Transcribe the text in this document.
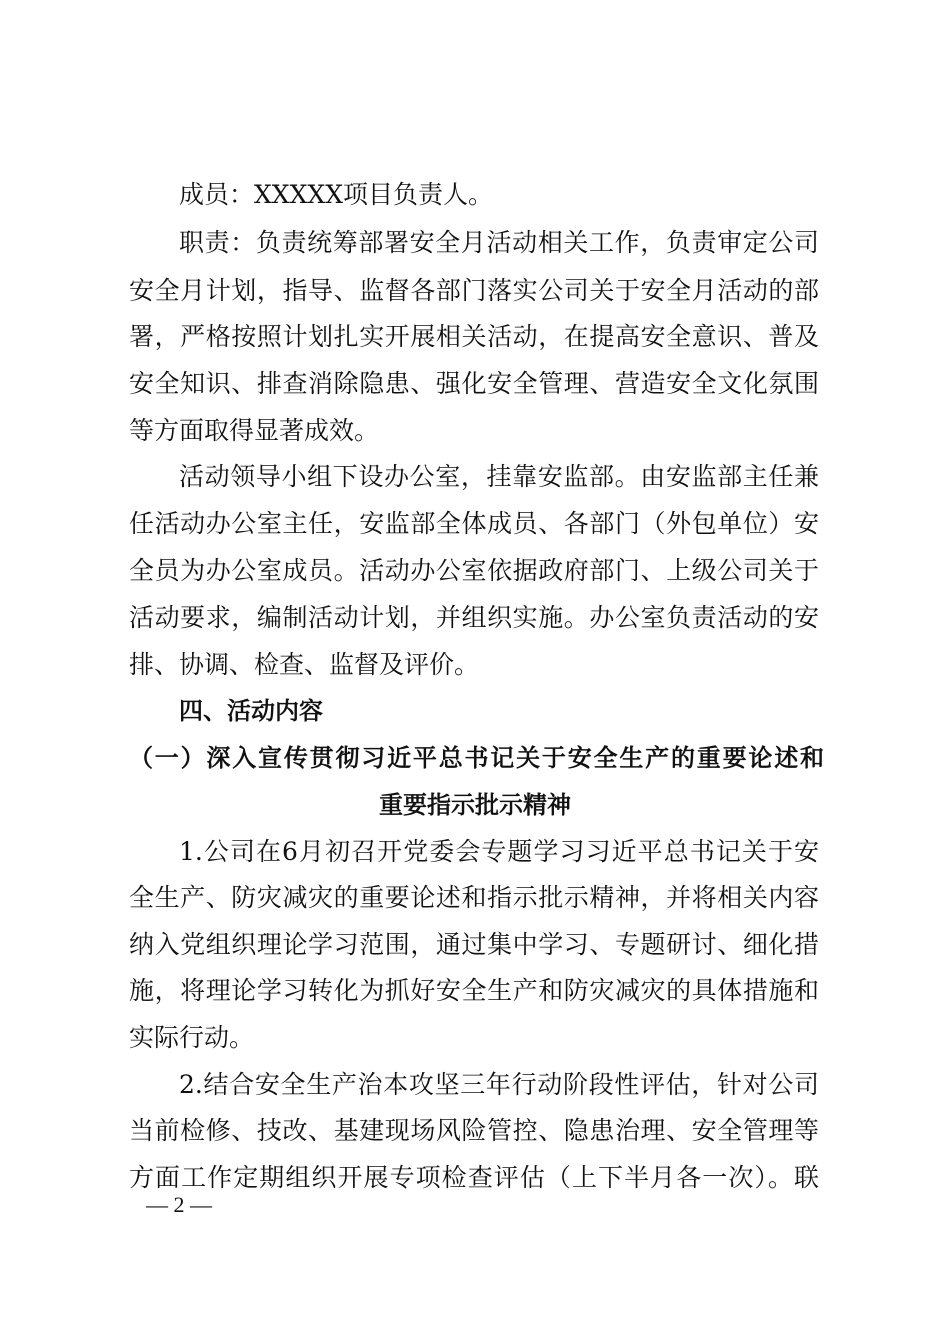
成员：XXXXX项目负责人。
职责：负责统筹部署安全月活动相关工作，负责审定公司
安全月计划，指导、监督各部门落实公司关于安全月活动的部
署，严格按照计划扎实开展相关活动，在提高安全意识、普及
安全知识、排查消除隐患、强化安全管理、营造安全文化氛围
等方面取得显著成效。
活动领导小组下设办公室，挂靠安监部。由安监部主任兼
任活动办公室主任，安监部全体成员、各部门（外包单位）安
全员为办公室成员。活动办公室依据政府部门、上级公司关于
活动要求，编制活动计划，并组织实施。办公室负责活动的安
排、协调、检查、监督及评价。
四、活动内容
（一）深入宣传贯彻习近平总书记关于安全生产的重要论述和
重要指示批示精神
1.公司在6月初召开党委会专题学习习近平总书记关于安
全生产、防灾减灾的重要论述和指示批示精神，并将相关内容
纳入党组织理论学习范围，通过集中学习、专题研讨、细化措
施，将理论学习转化为抓好安全生产和防灾减灾的具体措施和
实际行动。
2.结合安全生产治本攻坚三年行动阶段性评估，针对公司
当前检修、技改、基建现场风险管控、隐患治理、安全管理等
方面工作定期组织开展专项检查评估（上下半月各一次）。联
— 2 —
